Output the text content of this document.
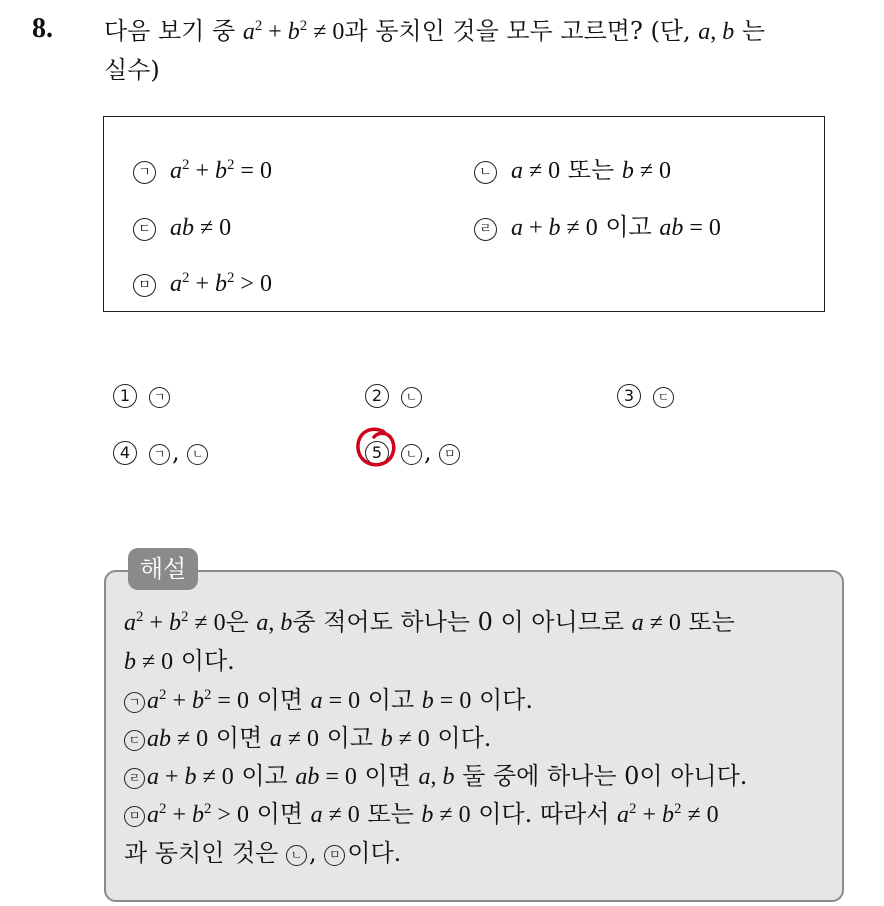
8. 다음 보기 중 $a^2 + b^2 \ne 0$과 동치인 것을 모두 고르면? (단, a, b 는
실수)
ㄱ $a^2 + b^2 = 0$	ㄴ a ≠ 0 또는 b ≠ 0
ㄷ ab ≠ 0	ㄹ a + b ≠ 0 이고 ab = 0
ㅁ $a^2 + b^2 > 0$
1 ㄱ	2 ㄴ	3 ㄷ
4 ㄱ , ㄴ	5 ㄴ , ㅁ
해설
$a^2 + b^2 \ne 0$은 a, b중 적어도 하나는 0 이 아니므로 a ≠ 0 또는
b ≠ 0 이다.
ㄱ $a^2 + b^2 = 0$ 이면 a = 0 이고 b = 0 이다.
ㄷ ab ≠ 0 이면 a ≠ 0 이고 b ≠ 0 이다.
ㄹ a + b ≠ 0 이고 ab = 0 이면 a, b 둘 중에 하나는 0이 아니다.
ㅁ $a^2 + b^2 > 0$ 이면 a ≠ 0 또는 b ≠ 0 이다. 따라서 $a^2 + b^2 \ne 0$
과 동치인 것은 ㄴ , ㅁ 이다.
